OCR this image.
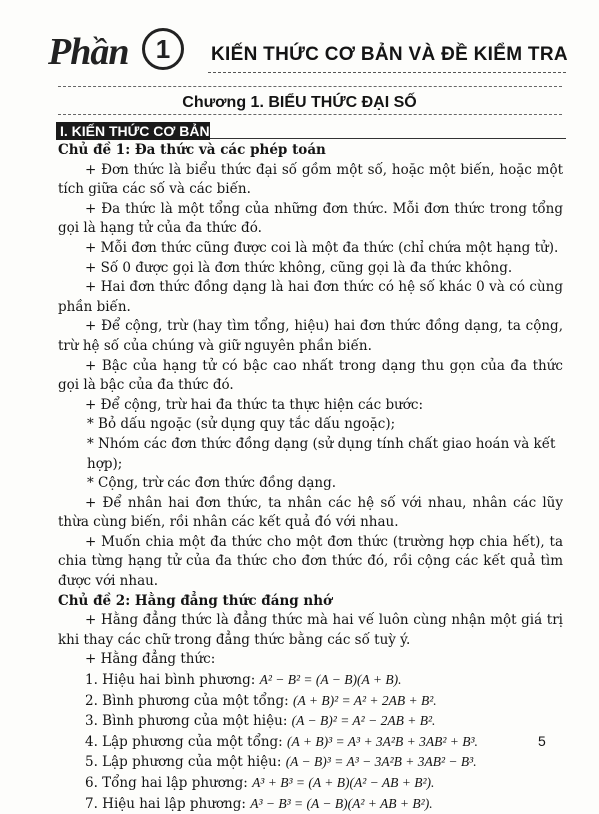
Phần	1	KIẾN THỨC CƠ BẢN VÀ ĐỀ KIỂM TRA
Chương 1. BIỂU THỨC ĐẠI SỐ
I. KIẾN THỨC CƠ BẢN

Chủ đề 1: Đa thức và các phép toán

+ Đơn thức là biểu thức đại số gồm một số, hoặc một biến, hoặc một tích giữa các số và các biến.

+ Đa thức là một tổng của những đơn thức. Mỗi đơn thức trong tổng gọi là hạng tử của đa thức đó.

+ Mỗi đơn thức cũng được coi là một đa thức (chỉ chứa một hạng tử).

+ Số 0 được gọi là đơn thức không, cũng gọi là đa thức không.

+ Hai đơn thức đồng dạng là hai đơn thức có hệ số khác 0 và có cùng phần biến.

+ Để cộng, trừ (hay tìm tổng, hiệu) hai đơn thức đồng dạng, ta cộng, trừ hệ số của chúng và giữ nguyên phần biến.

+ Bậc của hạng tử có bậc cao nhất trong dạng thu gọn của đa thức gọi là bậc của đa thức đó.

+ Để cộng, trừ hai đa thức ta thực hiện các bước:

* Bỏ dấu ngoặc (sử dụng quy tắc dấu ngoặc);

* Nhóm các đơn thức đồng dạng (sử dụng tính chất giao hoán và kết hợp);

* Cộng, trừ các đơn thức đồng dạng.

+ Để nhân hai đơn thức, ta nhân các hệ số với nhau, nhân các lũy thừa cùng biến, rồi nhân các kết quả đó với nhau.

+ Muốn chia một đa thức cho một đơn thức (trường hợp chia hết), ta chia từng hạng tử của đa thức cho đơn thức đó, rồi cộng các kết quả tìm được với nhau.

Chủ đề 2: Hằng đẳng thức đáng nhớ

+ Hằng đẳng thức là đẳng thức mà hai vế luôn cùng nhận một giá trị khi thay các chữ trong đẳng thức bằng các số tuỳ ý.

+ Hằng đẳng thức:

1. Hiệu hai bình phương: A² − B² = (A − B)(A + B).

2. Bình phương của một tổng: (A + B)² = A² + 2AB + B².

3. Bình phương của một hiệu: (A − B)² = A² − 2AB + B².

4. Lập phương của một tổng: (A + B)³ = A³ + 3A²B + 3AB² + B³.

5. Lập phương của một hiệu: (A − B)³ = A³ − 3A²B + 3AB² − B³.

6. Tổng hai lập phương: A³ + B³ = (A + B)(A² − AB + B²).

7. Hiệu hai lập phương: A³ − B³ = (A − B)(A² + AB + B²).

5
